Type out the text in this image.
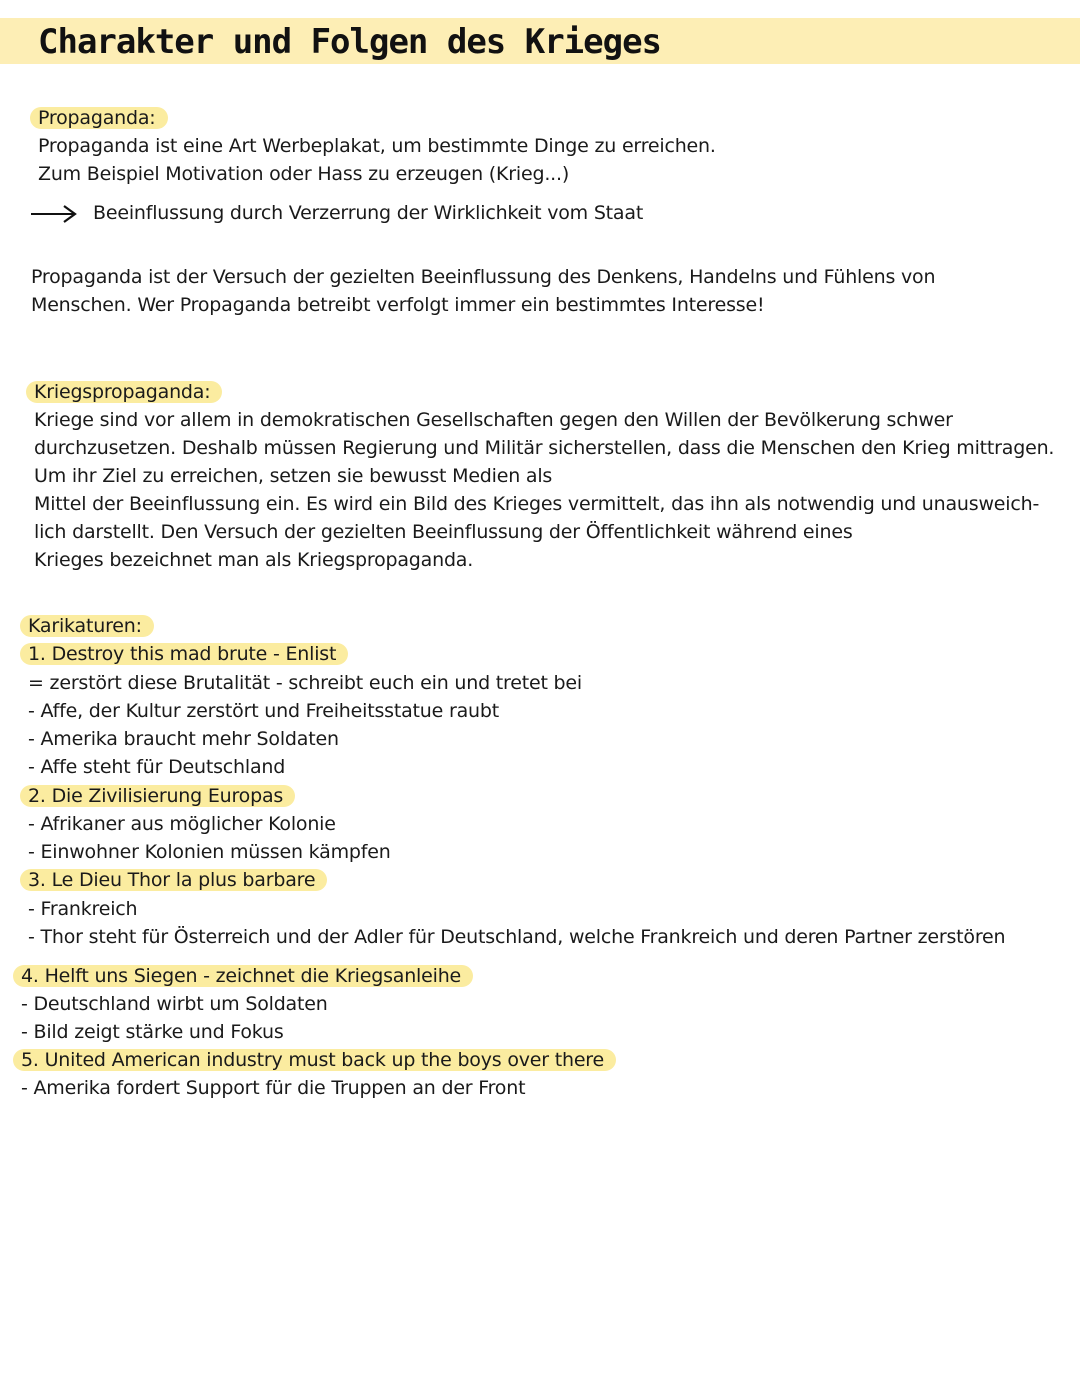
Charakter und Folgen des Krieges
Propaganda:
Propaganda ist eine Art Werbeplakat, um bestimmte Dinge zu erreichen.
Zum Beispiel Motivation oder Hass zu erzeugen (Krieg...)
Beeinflussung durch Verzerrung der Wirklichkeit vom Staat
Propaganda ist der Versuch der gezielten Beeinflussung des Denkens, Handelns und Fühlens von
Menschen. Wer Propaganda betreibt verfolgt immer ein bestimmtes Interesse!
Kriegspropaganda:
Kriege sind vor allem in demokratischen Gesellschaften gegen den Willen der Bevölkerung schwer
durchzusetzen. Deshalb müssen Regierung und Militär sicherstellen, dass die Menschen den Krieg mittragen.
Um ihr Ziel zu erreichen, setzen sie bewusst Medien als
Mittel der Beeinflussung ein. Es wird ein Bild des Krieges vermittelt, das ihn als notwendig und unausweich-
lich darstellt. Den Versuch der gezielten Beeinflussung der Öffentlichkeit während eines
Krieges bezeichnet man als Kriegspropaganda.
Karikaturen:
1. Destroy this mad brute - Enlist
= zerstört diese Brutalität - schreibt euch ein und tretet bei
- Affe, der Kultur zerstört und Freiheitsstatue raubt
- Amerika braucht mehr Soldaten
- Affe steht für Deutschland
2. Die Zivilisierung Europas
- Afrikaner aus möglicher Kolonie
- Einwohner Kolonien müssen kämpfen
3. Le Dieu Thor la plus barbare
- Frankreich
- Thor steht für Österreich und der Adler für Deutschland, welche Frankreich und deren Partner zerstören
4. Helft uns Siegen - zeichnet die Kriegsanleihe
- Deutschland wirbt um Soldaten
- Bild zeigt stärke und Fokus
5. United American industry must back up the boys over there
- Amerika fordert Support für die Truppen an der Front
